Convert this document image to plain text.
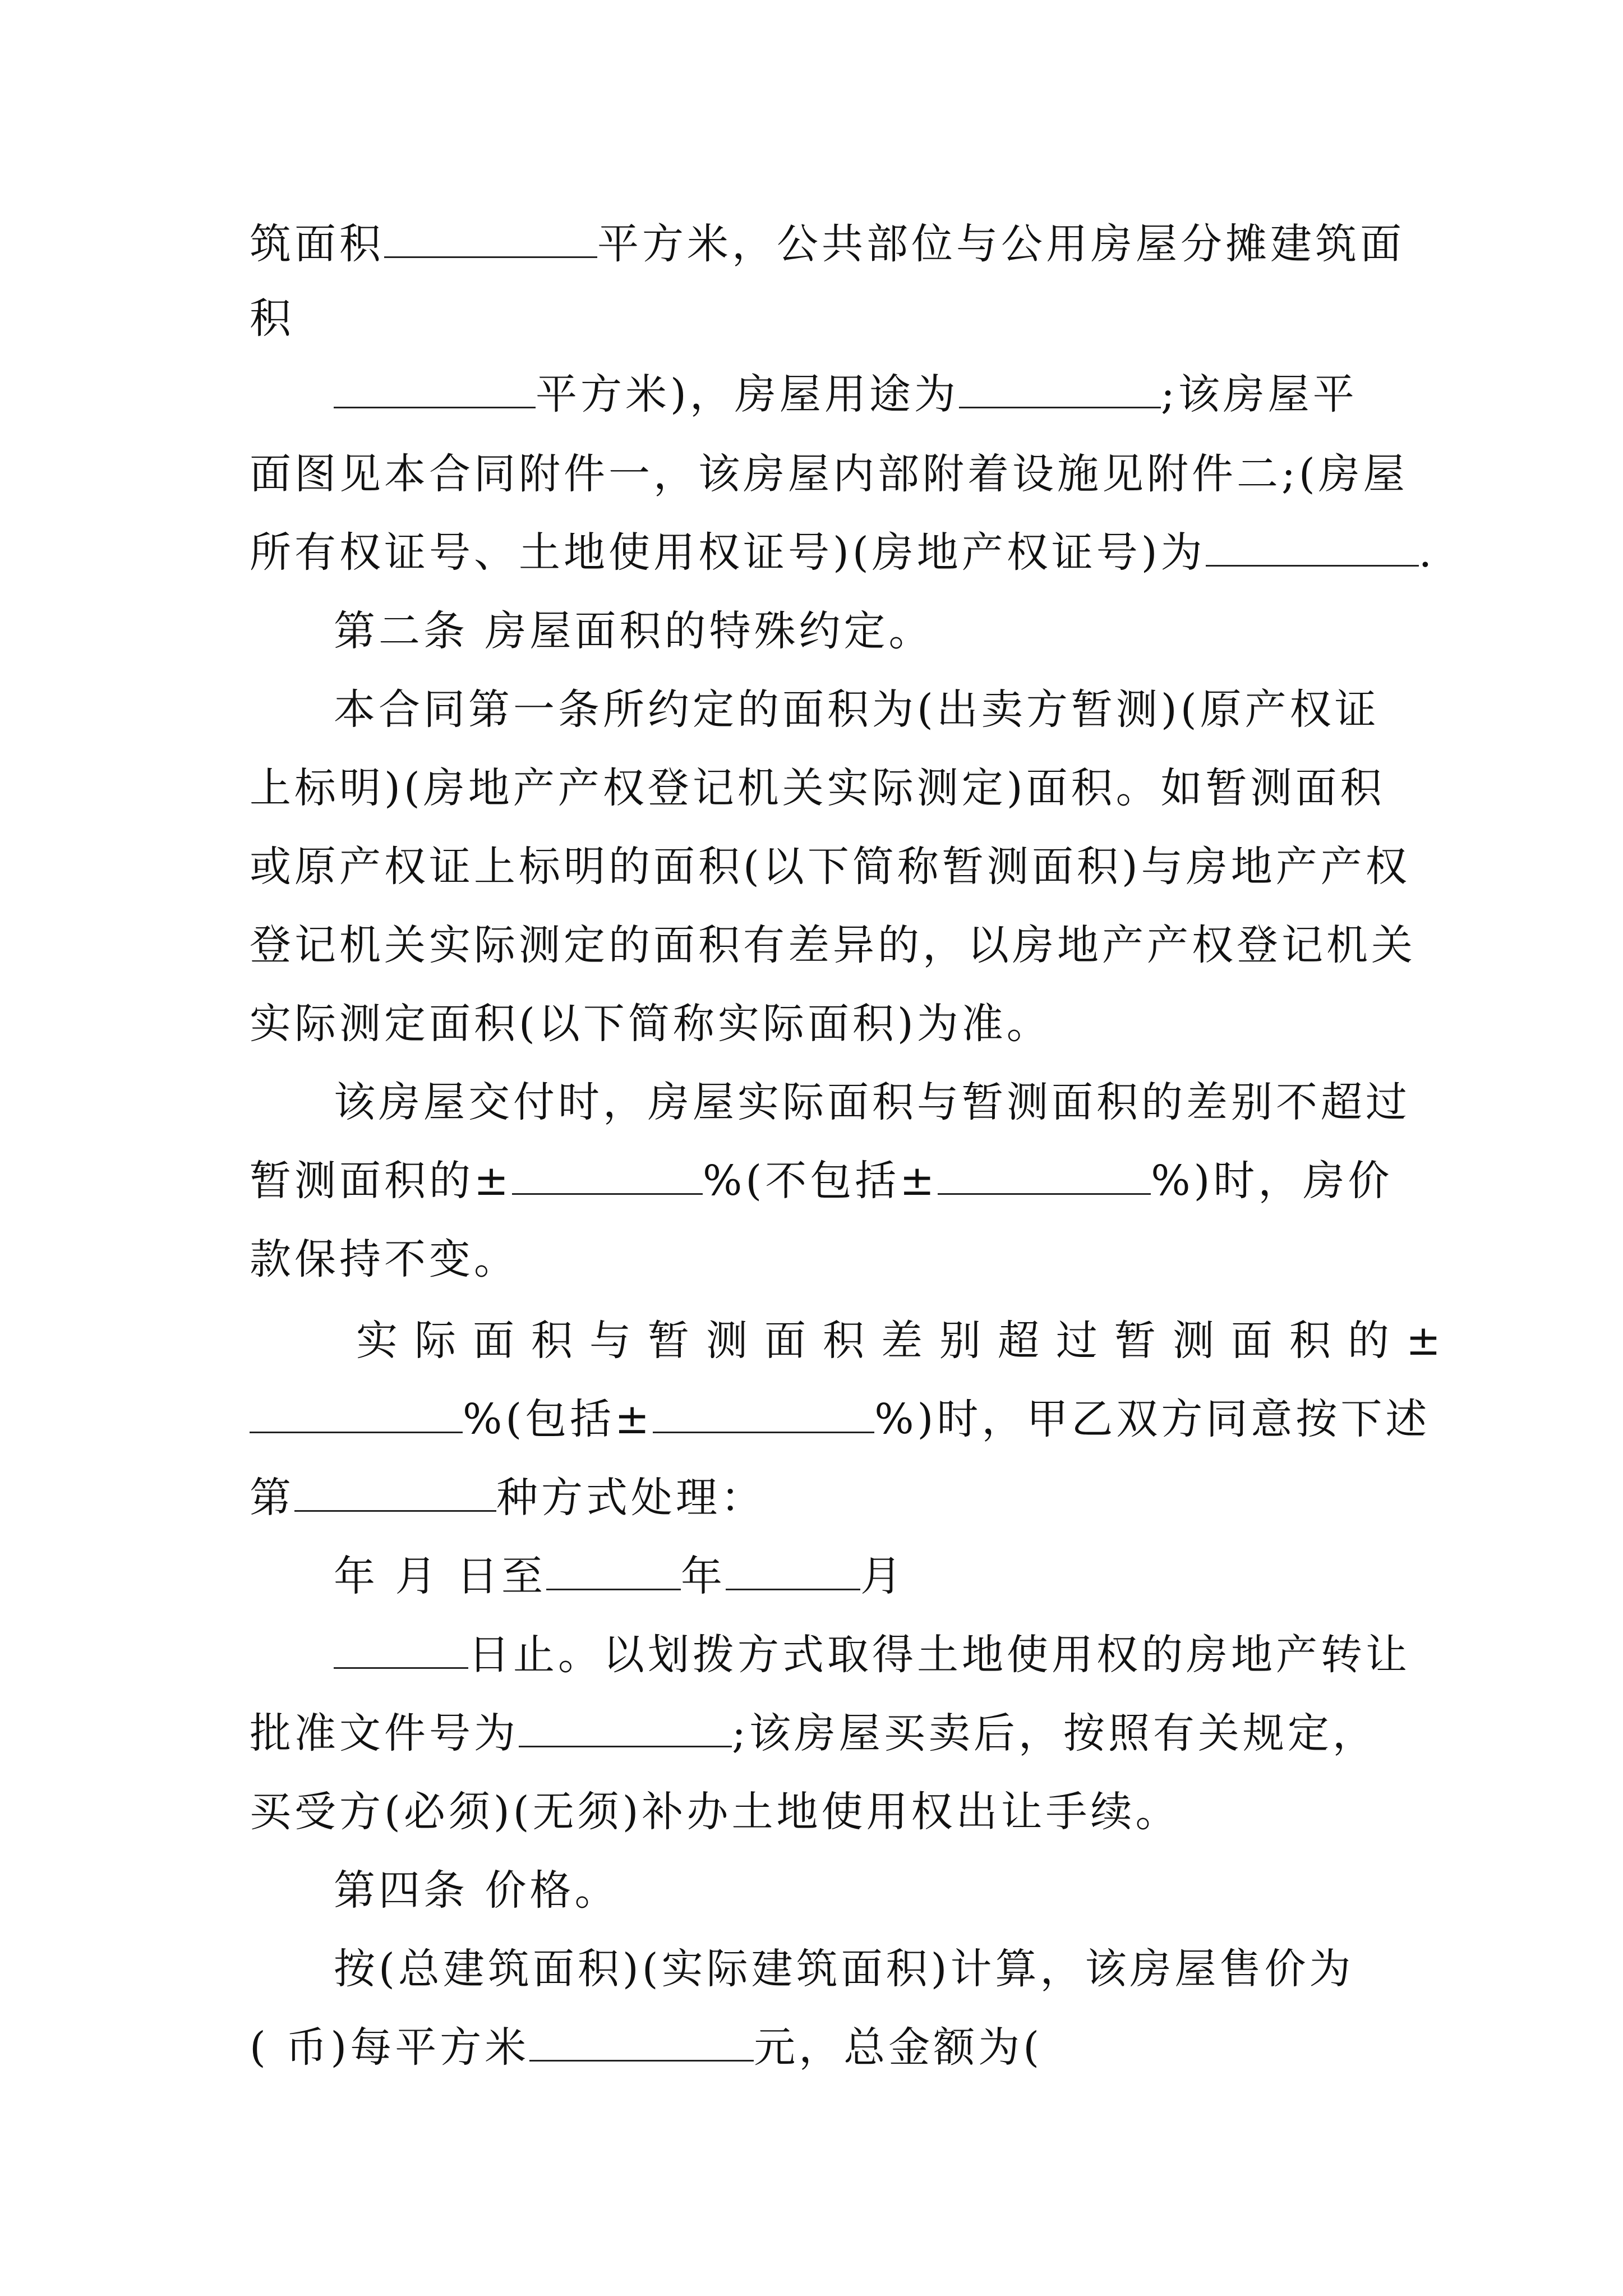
筑面积	平方米，公共部位与公用房屋分摊建筑面
积
平方米)，房屋用途为	;该房屋平
面图见本合同附件一，该房屋内部附着设施见附件二;(房屋
所有权证号、土地使用权证号)(房地产权证号)为	.
第二条 房屋面积的特殊约定。
本合同第一条所约定的面积为(出卖方暂测)(原产权证
上标明)(房地产产权登记机关实际测定)面积。如暂测面积
或原产权证上标明的面积(以下简称暂测面积)与房地产产权
登记机关实际测定的面积有差异的，以房地产产权登记机关
实际测定面积(以下简称实际面积)为准。
该房屋交付时，房屋实际面积与暂测面积的差别不超过
暂测面积的±	%(不包括±	%)时，房价
款保持不变。
实际面积与暂测面积差别超过暂测面积的±
%(包括±	%)时，甲乙双方同意按下述
第	种方式处理：
年 月 日至	年	月
日止。以划拨方式取得土地使用权的房地产转让
批准文件号为	;该房屋买卖后，按照有关规定，
买受方(必须)(无须)补办土地使用权出让手续。
第四条 价格。
按(总建筑面积)(实际建筑面积)计算，该房屋售价为
( 币)每平方米	元，总金额为(
